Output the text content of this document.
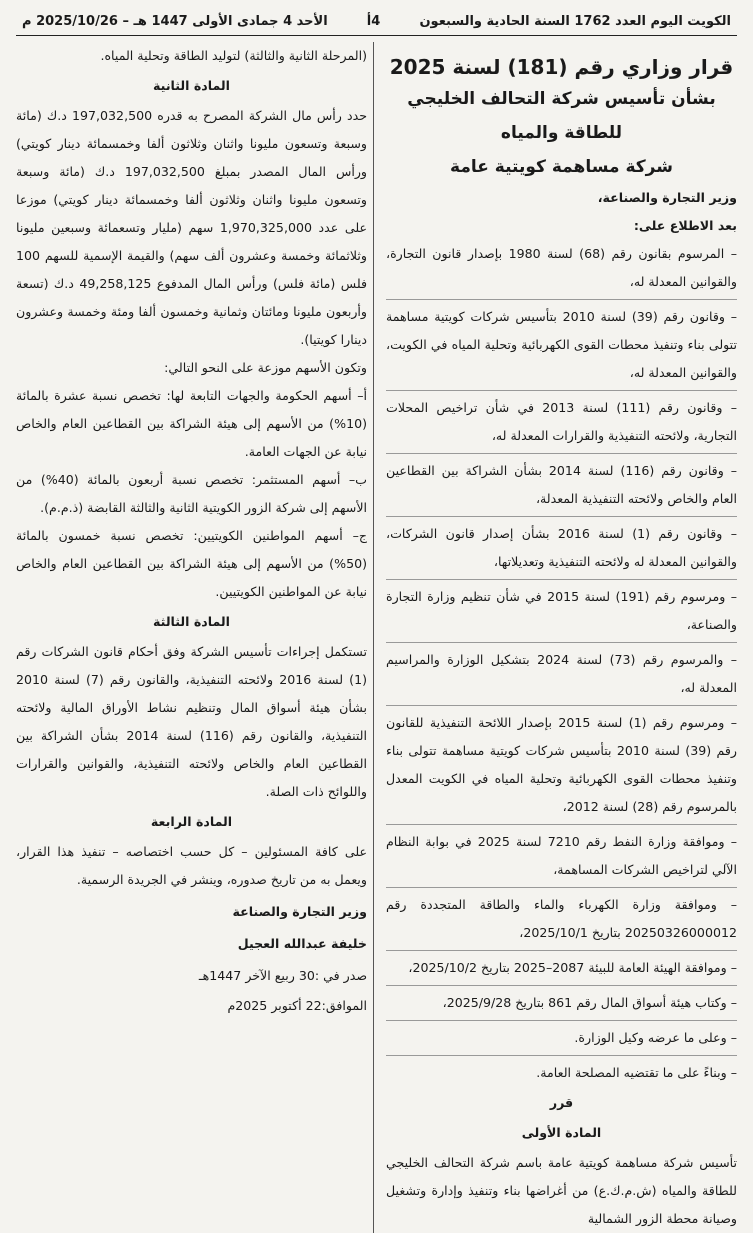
الكويت اليوم العدد 1762 السنة الحادية والسبعون
4أ
الأحد 4 جمادى الأولى 1447 هـ – 2025/10/26 م
قرار وزاري رقم (181) لسنة 2025
بشأن تأسيس شركة التحالف الخليجي للطاقة والمياه
شركة مساهمة كويتية عامة

وزير التجارة والصناعة،

بعد الاطلاع على:

– المرسوم بقانون رقم (68) لسنة 1980 بإصدار قانون التجارة، والقوانين المعدلة له،

– وقانون رقم (39) لسنة 2010 بتأسيس شركات كويتية مساهمة تتولى بناء وتنفيذ محطات القوى الكهربائية وتحلية المياه في الكويت، والقوانين المعدلة له،

– وقانون رقم (111) لسنة 2013 في شأن تراخيص المحلات التجارية، ولائحته التنفيذية والقرارات المعدلة له،

– وقانون رقم (116) لسنة 2014 بشأن الشراكة بين القطاعين العام والخاص ولائحته التنفيذية المعدلة،

– وقانون رقم (1) لسنة 2016 بشأن إصدار قانون الشركات، والقوانين المعدلة له ولائحته التنفيذية وتعديلاتها،

– ومرسوم رقم (191) لسنة 2015 في شأن تنظيم وزارة التجارة والصناعة،

– والمرسوم رقم (73) لسنة 2024 بتشكيل الوزارة والمراسيم المعدلة له،

– ومرسوم رقم (1) لسنة 2015 بإصدار اللائحة التنفيذية للقانون رقم (39) لسنة 2010 بتأسيس شركات كويتية مساهمة تتولى بناء وتنفيذ محطات القوى الكهربائية وتحلية المياه في الكويت المعدل بالمرسوم رقم (28) لسنة 2012،

– وموافقة وزارة النفط رقم 7210 لسنة 2025 في بوابة النظام الآلي لتراخيص الشركات المساهمة،

– وموافقة وزارة الكهرباء والماء والطاقة المتجددة رقم 20250326000012 بتاريخ 2025/10/1،

– وموافقة الهيئة العامة للبيئة 2087–2025 بتاريخ 2025/10/2،

– وكتاب هيئة أسواق المال رقم 861 بتاريخ 2025/9/28،

– وعلى ما عرضه وكيل الوزارة.

– وبناءً على ما تقتضيه المصلحة العامة.

قرر
المادة الأولى

تأسيس شركة مساهمة كويتية عامة باسم شركة التحالف الخليجي للطاقة والمياه (ش.م.ك.ع) من أغراضها بناء وتنفيذ وإدارة وتشغيل وصيانة محطة الزور الشمالية

(المرحلة الثانية والثالثة) لتوليد الطاقة وتحلية المياه.

المادة الثانية

حدد رأس مال الشركة المصرح به قدره 197,032,500 د.ك (مائة وسبعة وتسعون مليونا واثنان وثلاثون ألفا وخمسمائة دينار كويتي) ورأس المال المصدر بمبلغ 197,032,500 د.ك (مائة وسبعة وتسعون مليونا واثنان وثلاثون ألفا وخمسمائة دينار كويتي) موزعا على عدد 1,970,325,000 سهم (مليار وتسعمائة وسبعين مليونا وثلاثمائة وخمسة وعشرون ألف سهم) والقيمة الإسمية للسهم 100 فلس (مائة فلس) ورأس المال المدفوع 49,258,125 د.ك (تسعة وأربعون مليونا ومائتان وثمانية وخمسون ألفا ومئة وخمسة وعشرون دينارا كويتيا).

وتكون الأسهم موزعة على النحو التالي:

أ– أسهم الحكومة والجهات التابعة لها: تخصص نسبة عشرة بالمائة (10%) من الأسهم إلى هيئة الشراكة بين القطاعين العام والخاص نيابة عن الجهات العامة.

ب– أسهم المستثمر: تخصص نسبة أربعون بالمائة (40%) من الأسهم إلى شركة الزور الكويتية الثانية والثالثة القابضة (ذ.م.م).

ج– أسهم المواطنين الكويتيين: تخصص نسبة خمسون بالمائة (50%) من الأسهم إلى هيئة الشراكة بين القطاعين العام والخاص نيابة عن المواطنين الكويتيين.

المادة الثالثة

تستكمل إجراءات تأسيس الشركة وفق أحكام قانون الشركات رقم (1) لسنة 2016 ولائحته التنفيذية، والقانون رقم (7) لسنة 2010 بشأن هيئة أسواق المال وتنظيم نشاط الأوراق المالية ولائحته التنفيذية، والقانون رقم (116) لسنة 2014 بشأن الشراكة بين القطاعين العام والخاص ولائحته التنفيذية، والقوانين والقرارات واللوائح ذات الصلة.

المادة الرابعة

على كافة المسئولين – كل حسب اختصاصه – تنفيذ هذا القرار، ويعمل به من تاريخ صدوره، وينشر في الجريدة الرسمية.

وزير التجارة والصناعة
خليفة عبدالله العجيل
صدر في :30 ربيع الآخر 1447هـ
الموافق:22 أكتوبر 2025م
